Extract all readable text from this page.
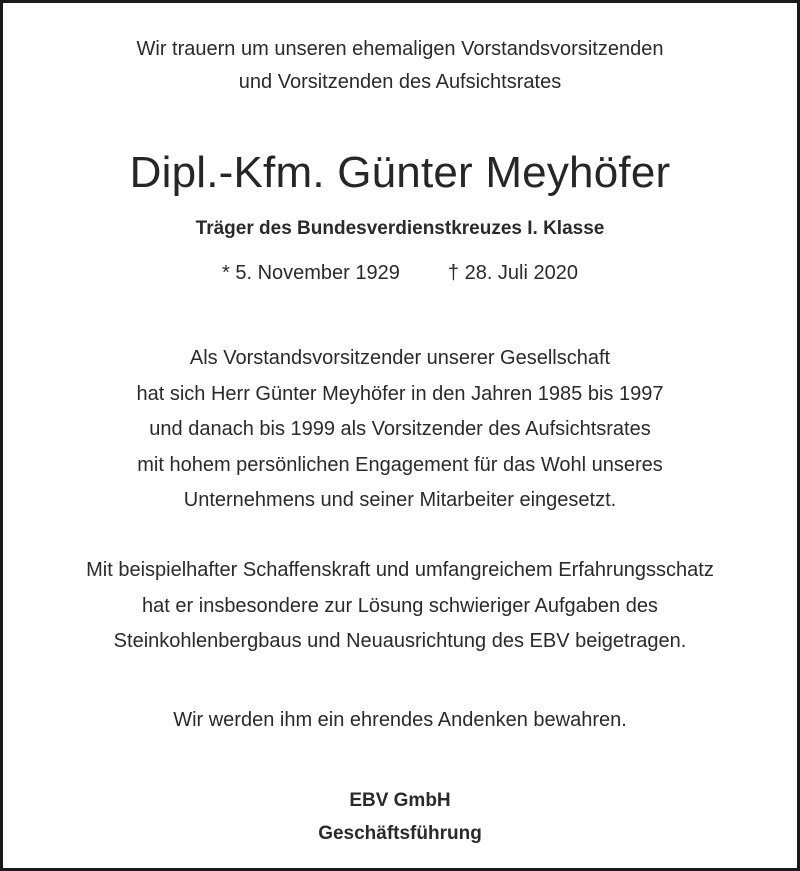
Wir trauern um unseren ehemaligen Vorstandsvorsitzenden
und Vorsitzenden des Aufsichtsrates
Dipl.-Kfm. Günter Meyhöfer
Träger des Bundesverdienstkreuzes I. Klasse
* 5. November 1929 † 28. Juli 2020
Als Vorstandsvorsitzender unserer Gesellschaft
hat sich Herr Günter Meyhöfer in den Jahren 1985 bis 1997
und danach bis 1999 als Vorsitzender des Aufsichtsrates
mit hohem persönlichen Engagement für das Wohl unseres
Unternehmens und seiner Mitarbeiter eingesetzt.
Mit beispielhafter Schaffenskraft und umfangreichem Erfahrungsschatz
hat er insbesondere zur Lösung schwieriger Aufgaben des
Steinkohlenbergbaus und Neuausrichtung des EBV beigetragen.
Wir werden ihm ein ehrendes Andenken bewahren.
EBV GmbH
Geschäftsführung
